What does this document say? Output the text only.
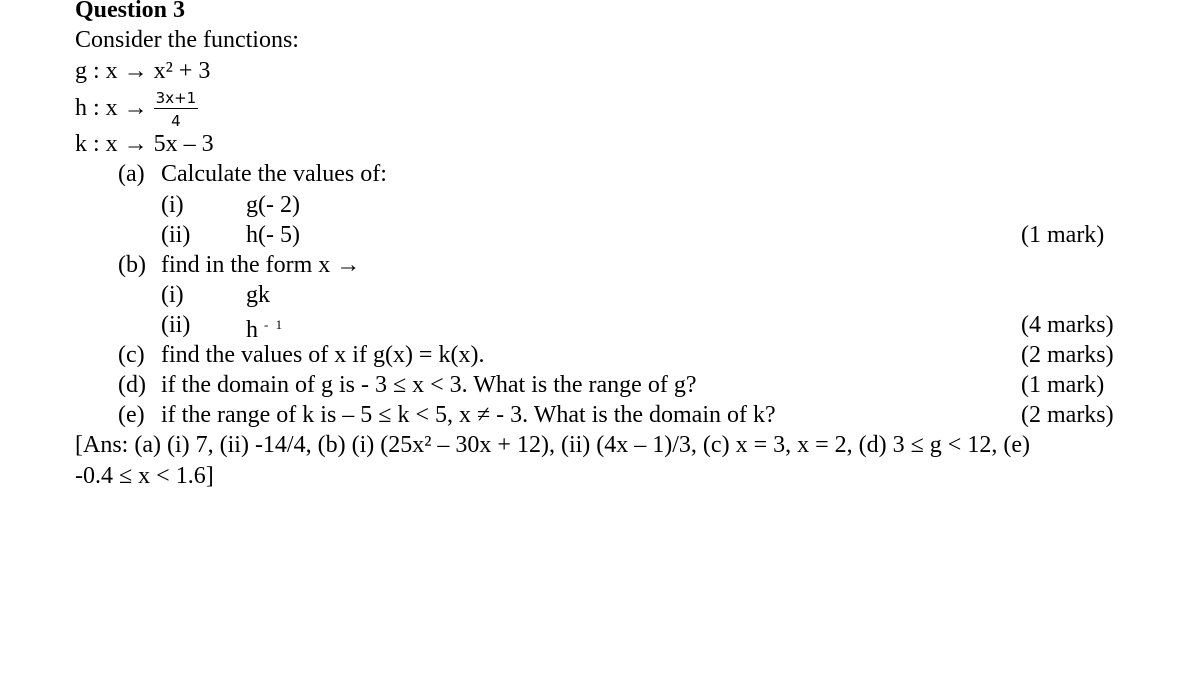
Question 3
Consider the functions:
g : x → x² + 3
h : $x \to \frac{3x+1}{4}$
k : x → 5x – 3
(a) Calculate the values of:
(i)	g(- 2)
(ii) h(- 5)	(1 mark)
(b) find in the form x →
(i)	gk
(ii) h $^{- 1}$	(4 marks)
(c) find the values of x if g(x) = k(x).	(2 marks)
(d) if the domain of g is - 3 ≤ x < 3. What is the range of g?	(1 mark)
(e) if the range of k is – 5 ≤ k < 5, x ≠ - 3. What is the domain of k?	(2 marks)
[Ans: (a) (i) 7, (ii) -14/4, (b) (i) (25x² – 30x + 12), (ii) (4x – 1)/3, (c) x = 3, x = 2, (d) 3 ≤ g < 12, (e)
-0.4 ≤ x < 1.6]
